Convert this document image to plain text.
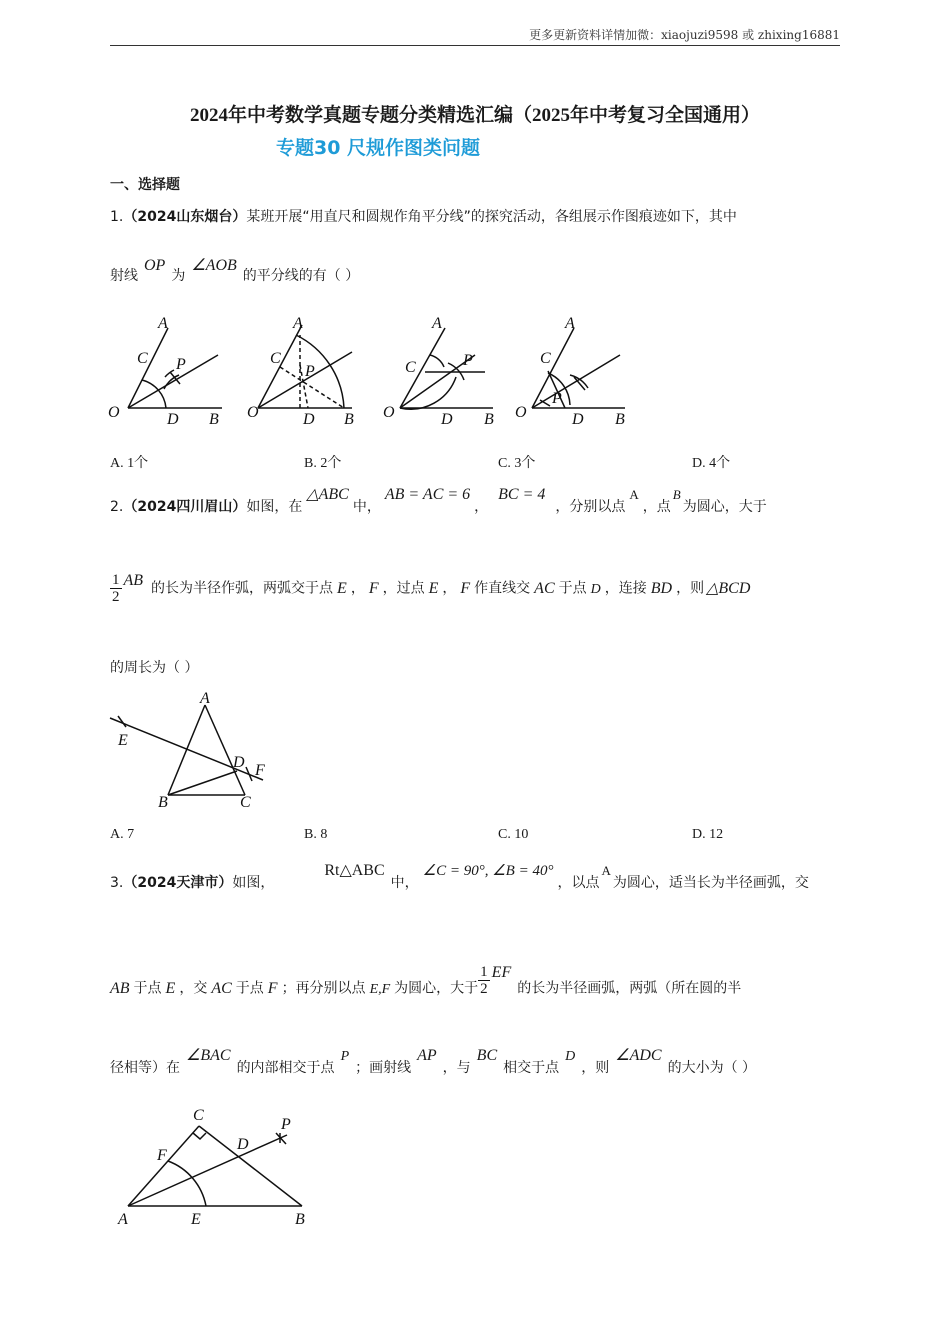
更多更新资料详情加微：xiaojuzi9598 或 zhixing16881
2024年中考数学真题专题分类精选汇编（2025年中考复习全国通用）
专题30 尺规作图类问题
一、选择题
1.（2024山东烟台）某班开展“用直尺和圆规作角平分线”的探究活动，各组展示作图痕迹如下，其中
射线OP为∠AOB的平分线的有（ ）
A
C P
O	D B
A
C
P
O	D B
A
C	P
O	D B
A
C
P
O	D B
A. 1个	B. 2个	C. 3个	D. 4个
2.（2024四川眉山）如图，在△ABC中，AB = AC = 6，BC = 4，分别以点A，点B为圆心，大于
$\frac{1}{2}$ AB 的长为半径作弧，两弧交于点 E ， F ，过点 E ， F 作直线交 AC 于点 D ，连接 BD ，则 △BCD
的周长为（ ）
A
E
D F
B	C
A. 7	B. 8	C. 10	D. 12
3.（2024天津市）如图，Rt△ABC中，∠C = 90°, ∠B = 40°，以点A为圆心，适当长为半径画弧，交
AB 于点 E ，交 AC 于点 F ；再分别以点 E,F 为圆心，大于 $\frac{1}{2}$ EF的长为半径画弧，两弧（所在圆的半
径相等）在∠BAC的内部相交于点P；画射线AP，与BC相交于点D，则∠ADC的大小为（ ）
C
P
F
D
A	E	B
